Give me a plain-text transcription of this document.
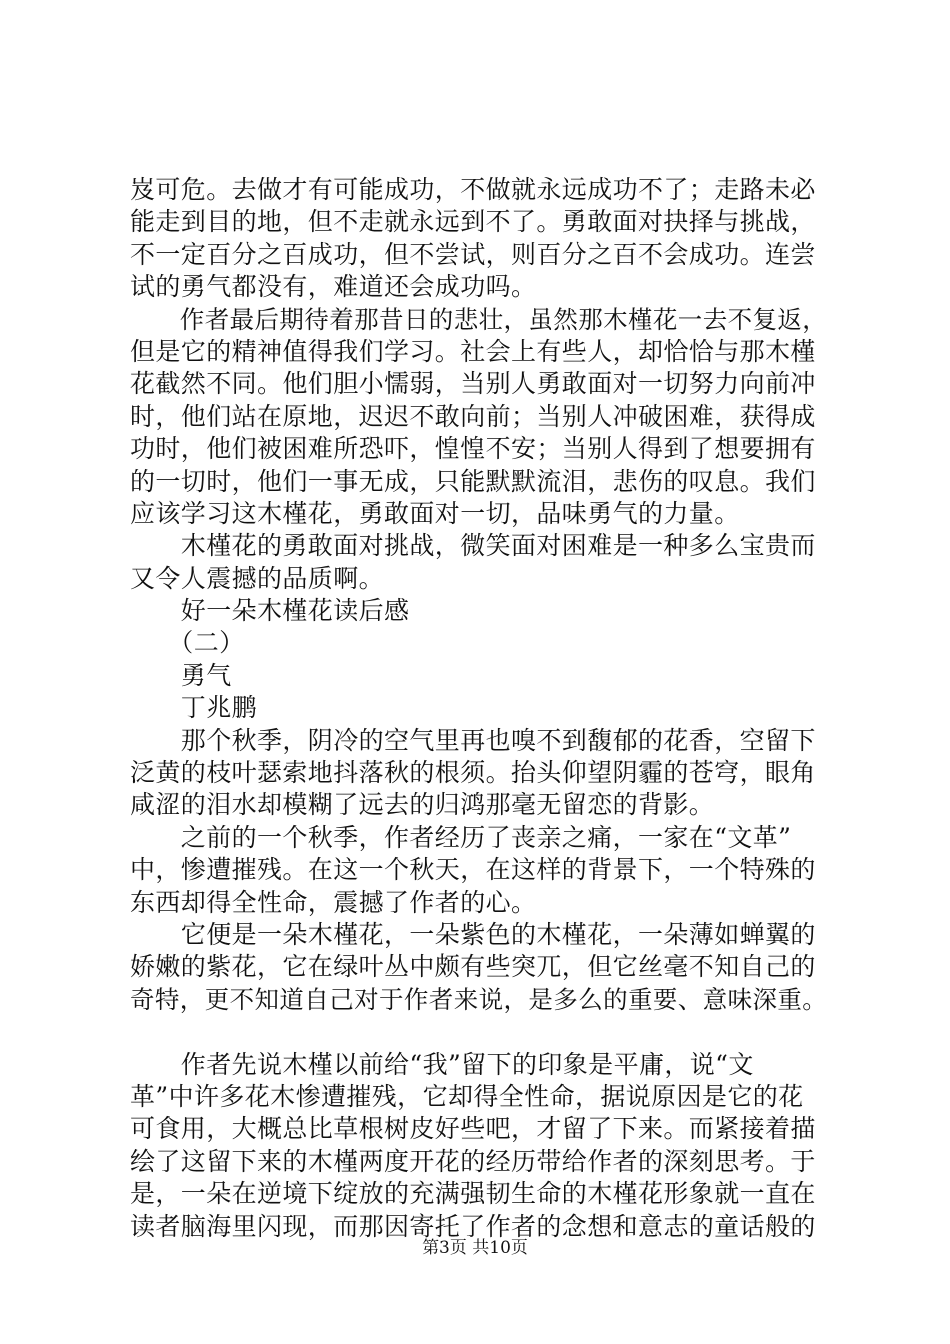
岌可危。去做才有可能成功，不做就永远成功不了；走路未必
能走到目的地，但不走就永远到不了。勇敢面对抉择与挑战，
不一定百分之百成功，但不尝试，则百分之百不会成功。连尝
试的勇气都没有，难道还会成功吗。
　　作者最后期待着那昔日的悲壮，虽然那木槿花一去不复返，
但是它的精神值得我们学习。社会上有些人，却恰恰与那木槿
花截然不同。他们胆小懦弱，当别人勇敢面对一切努力向前冲
时，他们站在原地，迟迟不敢向前；当别人冲破困难，获得成
功时，他们被困难所恐吓，惶惶不安；当别人得到了想要拥有
的一切时，他们一事无成，只能默默流泪，悲伤的叹息。我们
应该学习这木槿花，勇敢面对一切，品味勇气的力量。
　　木槿花的勇敢面对挑战，微笑面对困难是一种多么宝贵而
又令人震撼的品质啊。
　　好一朵木槿花读后感
　　（二）
　　勇气
　　丁兆鹏
　　那个秋季，阴冷的空气里再也嗅不到馥郁的花香，空留下
泛黄的枝叶瑟索地抖落秋的根须。抬头仰望阴霾的苍穹，眼角
咸涩的泪水却模糊了远去的归鸿那毫无留恋的背影。
　　之前的一个秋季，作者经历了丧亲之痛，一家在“文革”
中，惨遭摧残。在这一个秋天，在这样的背景下，一个特殊的
东西却得全性命，震撼了作者的心。
　　它便是一朵木槿花，一朵紫色的木槿花，一朵薄如蝉翼的
娇嫩的紫花，它在绿叶丛中颇有些突兀，但它丝毫不知自己的
奇特，更不知道自己对于作者来说，是多么的重要、意味深重。
　　作者先说木槿以前给“我”留下的印象是平庸，说“文
革”中许多花木惨遭摧残，它却得全性命，据说原因是它的花
可食用，大概总比草根树皮好些吧，才留了下来。而紧接着描
绘了这留下来的木槿两度开花的经历带给作者的深刻思考。于
是，一朵在逆境下绽放的充满强韧生命的木槿花形象就一直在
读者脑海里闪现，而那因寄托了作者的念想和意志的童话般的
第3页 共10页
